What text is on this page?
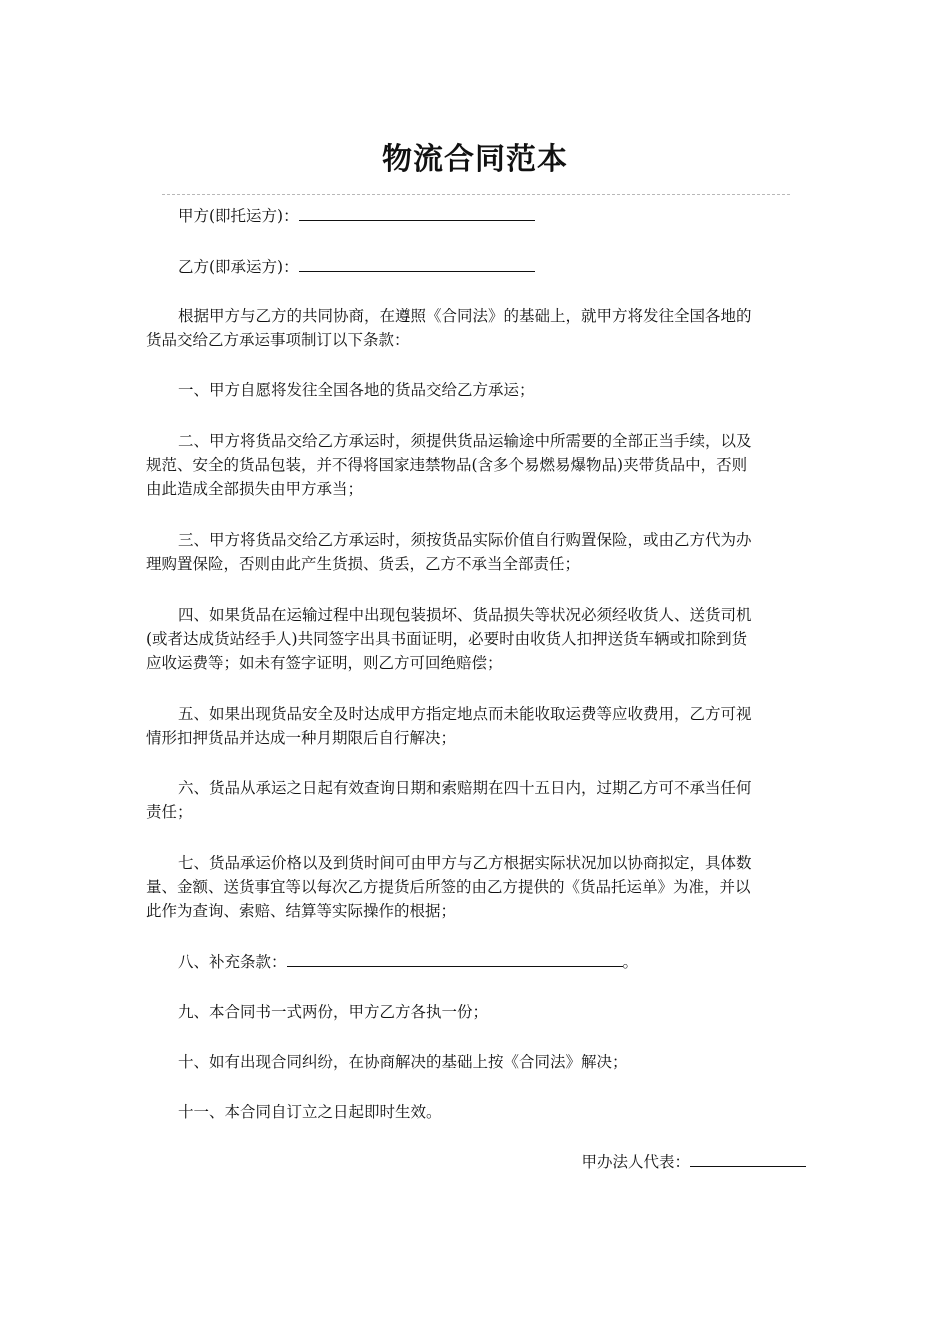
物流合同范本
甲方(即托运方)：
乙方(即承运方)：
根据甲方与乙方的共同协商，在遵照《合同法》的基础上，就甲方将发往全国各地的
货品交给乙方承运事项制订以下条款：
一、甲方自愿将发往全国各地的货品交给乙方承运；
二、甲方将货品交给乙方承运时，须提供货品运输途中所需要的全部正当手续，以及
规范、安全的货品包装，并不得将国家违禁物品(含多个易燃易爆物品)夹带货品中，否则
由此造成全部损失由甲方承当；
三、甲方将货品交给乙方承运时，须按货品实际价值自行购置保险，或由乙方代为办
理购置保险，否则由此产生货损、货丢，乙方不承当全部责任；
四、如果货品在运输过程中出现包装损坏、货品损失等状况必须经收货人、送货司机
(或者达成货站经手人)共同签字出具书面证明，必要时由收货人扣押送货车辆或扣除到货
应收运费等；如未有签字证明，则乙方可回绝赔偿；
五、如果出现货品安全及时达成甲方指定地点而未能收取运费等应收费用，乙方可视
情形扣押货品并达成一种月期限后自行解决；
六、货品从承运之日起有效查询日期和索赔期在四十五日内，过期乙方可不承当任何
责任；
七、货品承运价格以及到货时间可由甲方与乙方根据实际状况加以协商拟定，具体数
量、金额、送货事宜等以每次乙方提货后所签的由乙方提供的《货品托运单》为准，并以
此作为查询、索赔、结算等实际操作的根据；
八、补充条款：	。
九、本合同书一式两份，甲方乙方各执一份；
十、如有出现合同纠纷，在协商解决的基础上按《合同法》解决；
十一、本合同自订立之日起即时生效。
甲办法人代表：
